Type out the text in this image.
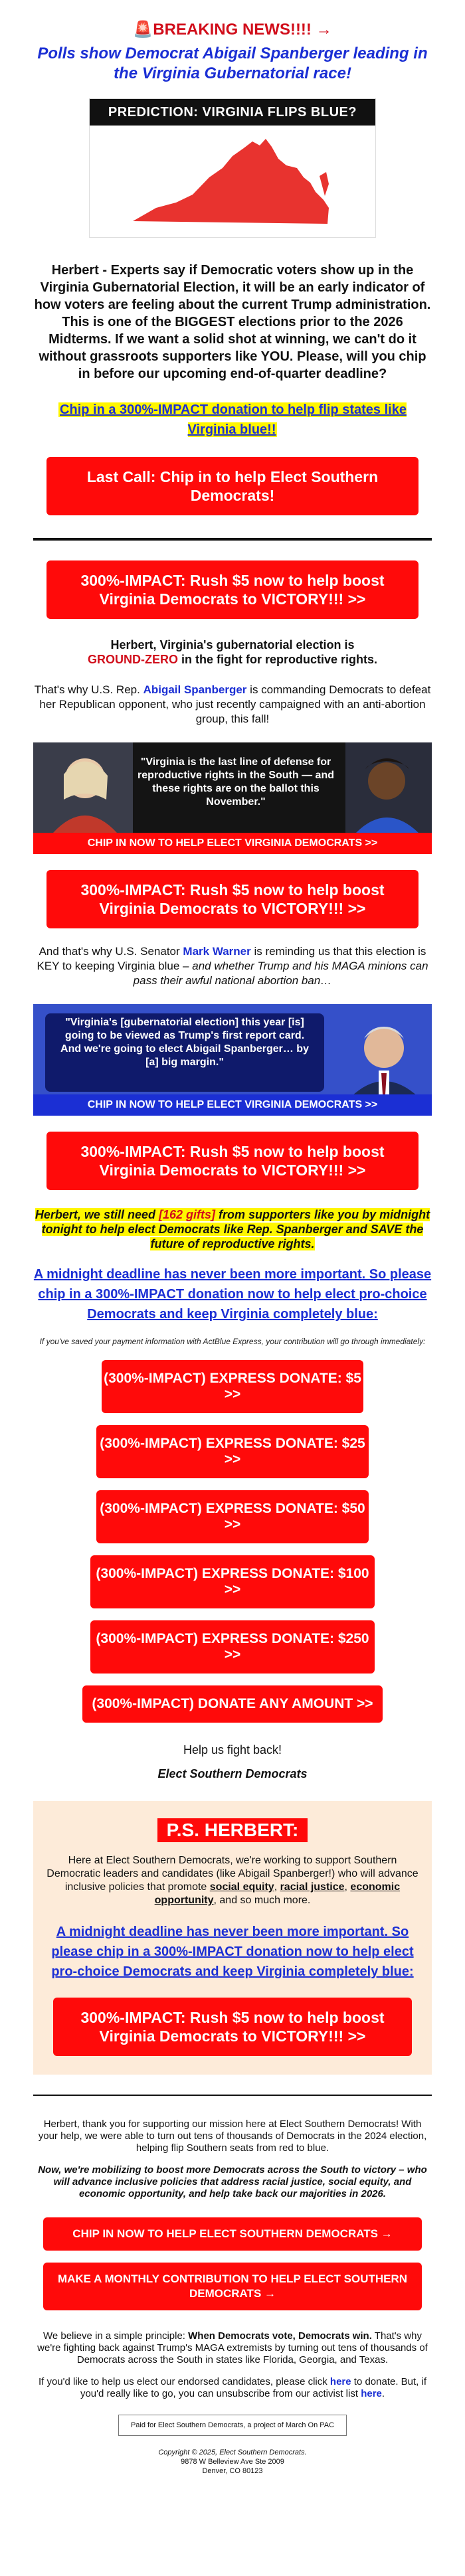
🚨BREAKING NEWS!!!! →
Polls show Democrat Abigail Spanberger leading in the Virginia Gubernatorial race!
PREDICTION: VIRGINIA FLIPS BLUE?

Herbert - Experts say if Democratic voters show up in the Virginia Gubernatorial Election, it will be an early indicator of how voters are feeling about the current Trump administration. This is one of the BIGGEST elections prior to the 2026 Midterms. If we want a solid shot at winning, we can't do it without grassroots supporters like YOU. Please, will you chip in before our upcoming end-of-quarter deadline?

Chip in a 300%-IMPACT donation to help flip states like Virginia blue!!
Last Call: Chip in to help Elect Southern Democrats!
300%-IMPACT: Rush $5 now to help boost Virginia Democrats to VICTORY!!! >>

Herbert, Virginia's gubernatorial election is
GROUND-ZERO in the fight for reproductive rights.

That's why U.S. Rep. Abigail Spanberger is commanding Democrats to defeat her Republican opponent, who just recently campaigned with an anti-abortion group, this fall!

"Virginia is the last line of defense for reproductive rights in the South — and these rights are on the ballot this November."
CHIP IN NOW TO HELP ELECT VIRGINIA DEMOCRATS >>
300%-IMPACT: Rush $5 now to help boost Virginia Democrats to VICTORY!!! >>

And that's why U.S. Senator Mark Warner is reminding us that this election is KEY to keeping Virginia blue – and whether Trump and his MAGA minions can pass their awful national abortion ban…

"Virginia's [gubernatorial election] this year [is] going to be viewed as Trump's first report card. And we're going to elect Abigail Spanberger… by [a] big margin."
CHIP IN NOW TO HELP ELECT VIRGINIA DEMOCRATS >>
300%-IMPACT: Rush $5 now to help boost Virginia Democrats to VICTORY!!! >>

Herbert, we still need [162 gifts] from supporters like you by midnight tonight to help elect Democrats like Rep. Spanberger and SAVE the future of reproductive rights.

A midnight deadline has never been more important. So please chip in a 300%-IMPACT donation now to help elect pro-choice Democrats and keep Virginia completely blue:

If you've saved your payment information with ActBlue Express, your contribution will go through immediately:

(300%-IMPACT) EXPRESS DONATE: $5 >>
(300%-IMPACT) EXPRESS DONATE: $25 >>
(300%-IMPACT) EXPRESS DONATE: $50 >>
(300%-IMPACT) EXPRESS DONATE: $100 >>
(300%-IMPACT) EXPRESS DONATE: $250 >>
(300%-IMPACT) DONATE ANY AMOUNT >>

Help us fight back!

Elect Southern Democrats

P.S. HERBERT:

Here at Elect Southern Democrats, we're working to support Southern Democratic leaders and candidates (like Abigail Spanberger!) who will advance inclusive policies that promote social equity, racial justice, economic opportunity, and so much more.

A midnight deadline has never been more important. So please chip in a 300%-IMPACT donation now to help elect pro-choice Democrats and keep Virginia completely blue:
300%-IMPACT: Rush $5 now to help boost Virginia Democrats to VICTORY!!! >>

Herbert, thank you for supporting our mission here at Elect Southern Democrats! With your help, we were able to turn out tens of thousands of Democrats in the 2024 election, helping flip Southern seats from red to blue.

Now, we're mobilizing to boost more Democrats across the South to victory – who will advance inclusive policies that address racial justice, social equity, and economic opportunity, and help take back our majorities in 2026.

CHIP IN NOW TO HELP ELECT SOUTHERN DEMOCRATS →
MAKE A MONTHLY CONTRIBUTION TO HELP ELECT SOUTHERN DEMOCRATS →

We believe in a simple principle: When Democrats vote, Democrats win. That's why we're fighting back against Trump's MAGA extremists by turning out tens of thousands of Democrats across the South in states like Florida, Georgia, and Texas.

If you'd like to help us elect our endorsed candidates, please click here to donate. But, if you'd really like to go, you can unsubscribe from our activist list here.

Paid for Elect Southern Democrats, a project of March On PAC
Copyright © 2025, Elect Southern Democrats.
9878 W Belleview Ave Ste 2009
Denver, CO 80123
